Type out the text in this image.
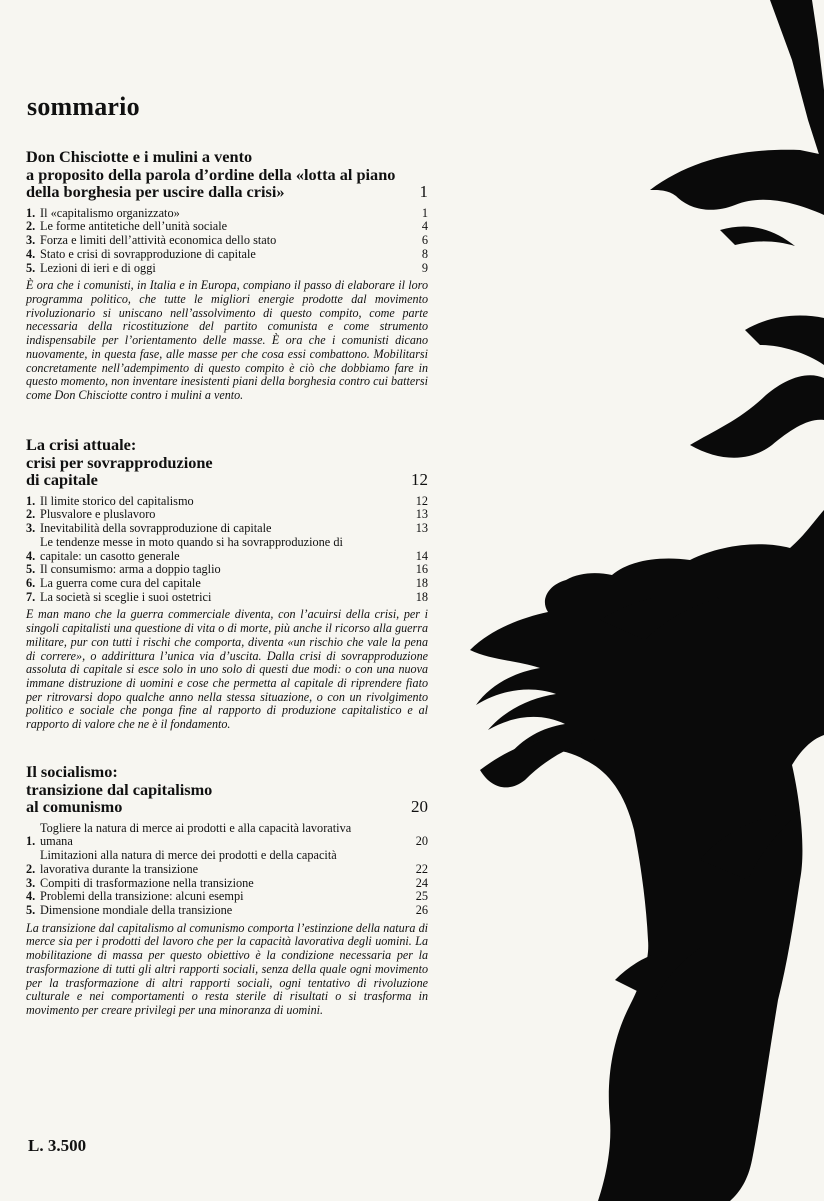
sommario
Don Chisciotte e i mulini a vento
a proposito della parola d’ordine della «lotta al piano
della borghesia per uscire dalla crisi»	1
1. Il «capitalismo organizzato»	1
2. Le forme antitetiche dell’unità sociale	4
3. Forza e limiti dell’attività economica dello stato	6
4. Stato e crisi di sovrapproduzione di capitale	8
5. Lezioni di ieri e di oggi	9

È ora che i comunisti, in Italia e in Europa, compiano il passo di elaborare il loro programma politico, che tutte le migliori energie prodotte dal movimento rivoluzionario si uniscano nell’assolvimento di questo compito, come parte necessaria della ricostituzione del partito comunista e come strumento indispensabile per l’orientamento delle masse. È ora che i comunisti dicano nuovamente, in questa fase, alle masse per che cosa essi combattono. Mobilitarsi concretamente nell’adempimento di questo compito è ciò che dobbiamo fare in questo momento, non inventare inesistenti piani della borghesia contro cui battersi come Don Chisciotte contro i mulini a vento.

La crisi attuale:
crisi per sovrapproduzione
di capitale	12
1. Il limite storico del capitalismo	12
2. Plusvalore e pluslavoro	13
3. Inevitabilità della sovrapproduzione di capitale	13
4.
Le tendenze messe in moto quando si ha sovrapproduzione di capitale: un casotto generale	14
5. Il consumismo: arma a doppio taglio	16
6. La guerra come cura del capitale	18
7. La società si sceglie i suoi ostetrici	18

E man mano che la guerra commerciale diventa, con l’acuirsi della crisi, per i singoli capitalisti una questione di vita o di morte, più anche il ricorso alla guerra militare, pur con tutti i rischi che comporta, diventa «un rischio che vale la pena di correre», o addirittura l’unica via d’uscita. Dalla crisi di sovrapproduzione assoluta di capitale si esce solo in uno solo di questi due modi: o con una nuova immane distruzione di uomini e cose che permetta al capitale di riprendere fiato per ritrovarsi dopo qualche anno nella stessa situazione, o con un rivolgimento politico e sociale che ponga fine al rapporto di produzione capitalistico e al rapporto di valore che ne è il fondamento.

Il socialismo:
transizione dal capitalismo
al comunismo	20
1.
Togliere la natura di merce ai prodotti e alla capacità lavorativa umana	20
2.
Limitazioni alla natura di merce dei prodotti e della capacità lavorativa durante la transizione	22
3. Compiti di trasformazione nella transizione	24
4. Problemi della transizione: alcuni esempi	25
5. Dimensione mondiale della transizione	26

La transizione dal capitalismo al comunismo comporta l’estinzione della natura di merce sia per i prodotti del lavoro che per la capacità lavorativa degli uomini. La mobilitazione di massa per questo obiettivo è la condizione necessaria per la trasformazione di tutti gli altri rapporti sociali, senza della quale ogni movimento per la trasformazione di altri rapporti sociali, ogni tentativo di rivoluzione culturale e nei comportamenti o resta sterile di risultati o si trasforma in movimento per creare privilegi per una minoranza di uomini.

L. 3.500
